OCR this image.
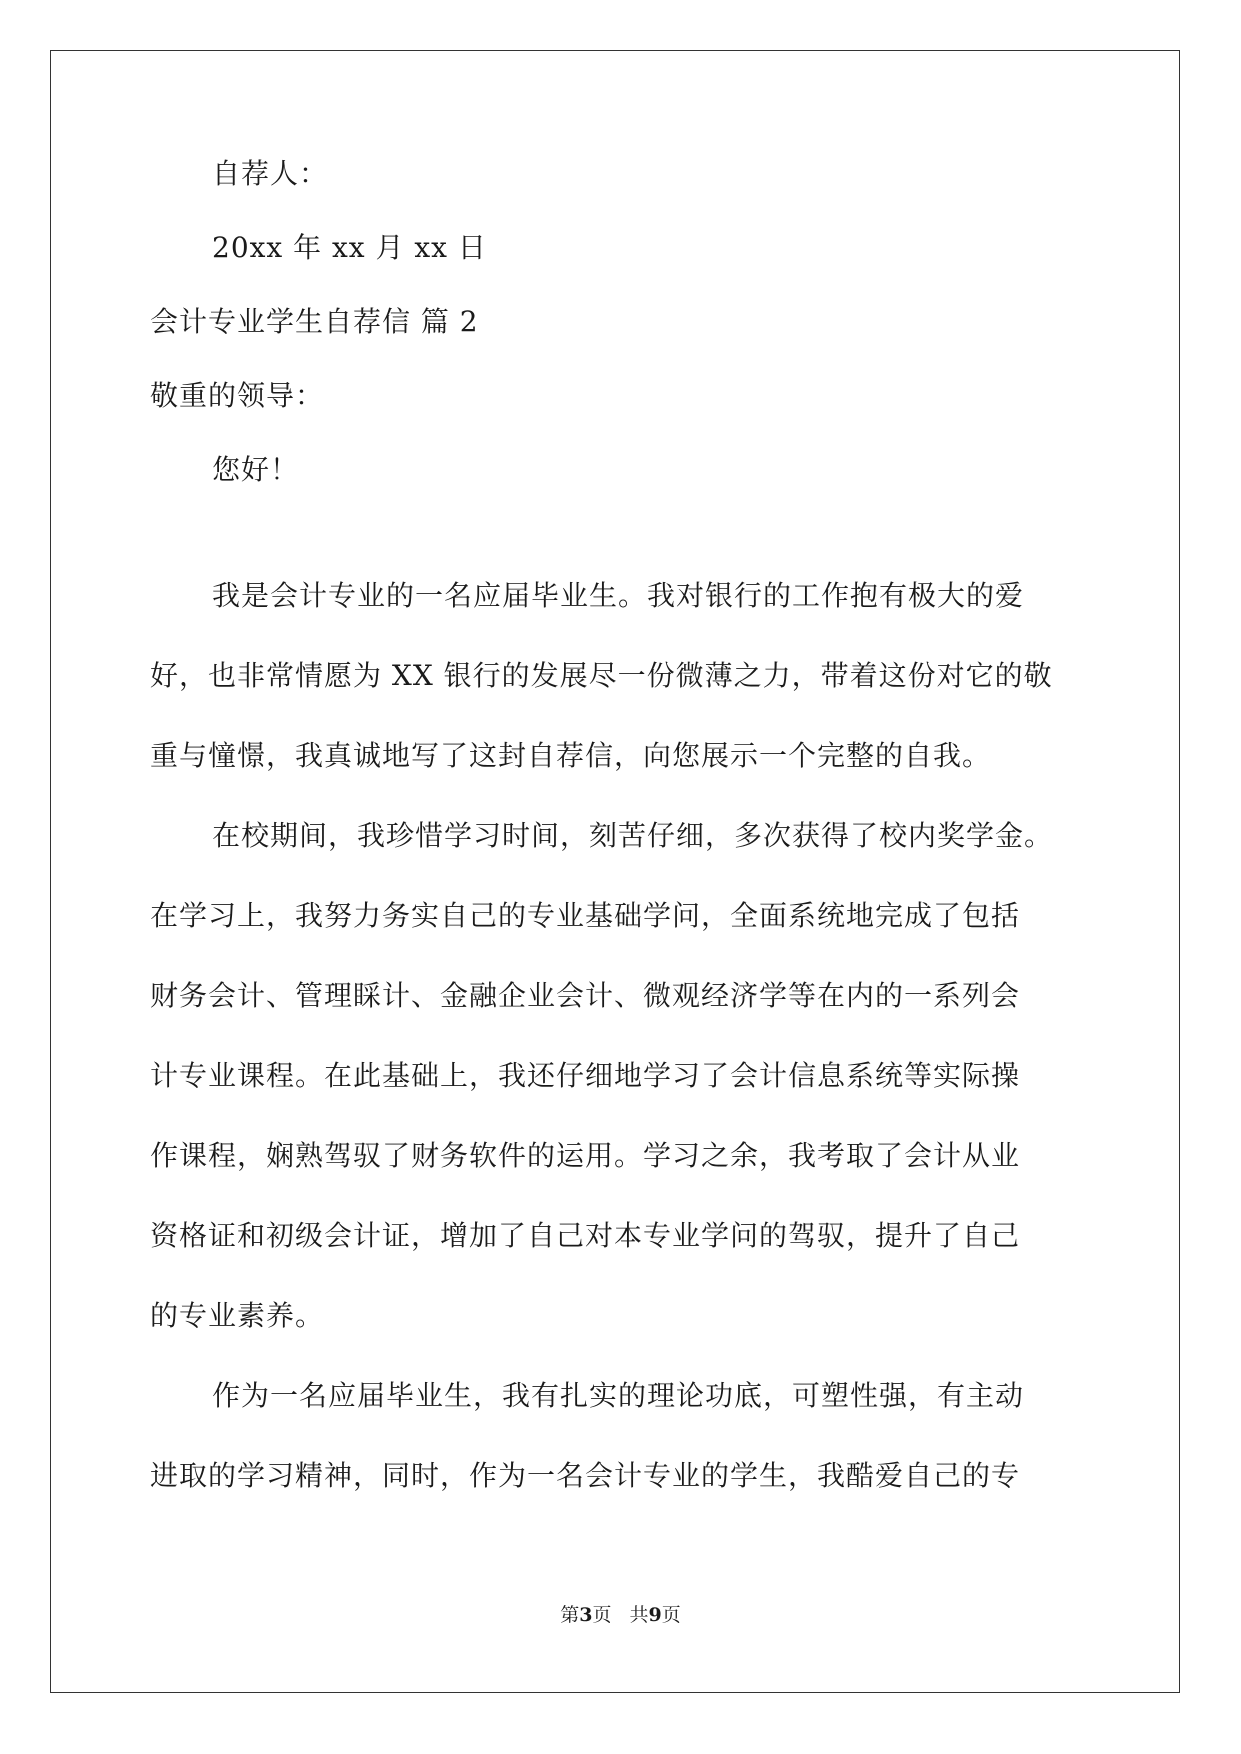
自荐人：
20xx 年 xx 月 xx 日
会计专业学生自荐信 篇 2
敬重的领导：
您好！
我是会计专业的一名应届毕业生。我对银行的工作抱有极大的爱
好，也非常情愿为 XX 银行的发展尽一份微薄之力，带着这份对它的敬
重与憧憬，我真诚地写了这封自荐信，向您展示一个完整的自我。
在校期间，我珍惜学习时间，刻苦仔细，多次获得了校内奖学金。
在学习上，我努力务实自己的专业基础学问，全面系统地完成了包括
财务会计、管理睬计、金融企业会计、微观经济学等在内的一系列会
计专业课程。在此基础上，我还仔细地学习了会计信息系统等实际操
作课程，娴熟驾驭了财务软件的运用。学习之余，我考取了会计从业
资格证和初级会计证，增加了自己对本专业学问的驾驭，提升了自己
的专业素养。
作为一名应届毕业生，我有扎实的理论功底，可塑性强，有主动
进取的学习精神，同时，作为一名会计专业的学生，我酷爱自己的专
第3页 共9页
